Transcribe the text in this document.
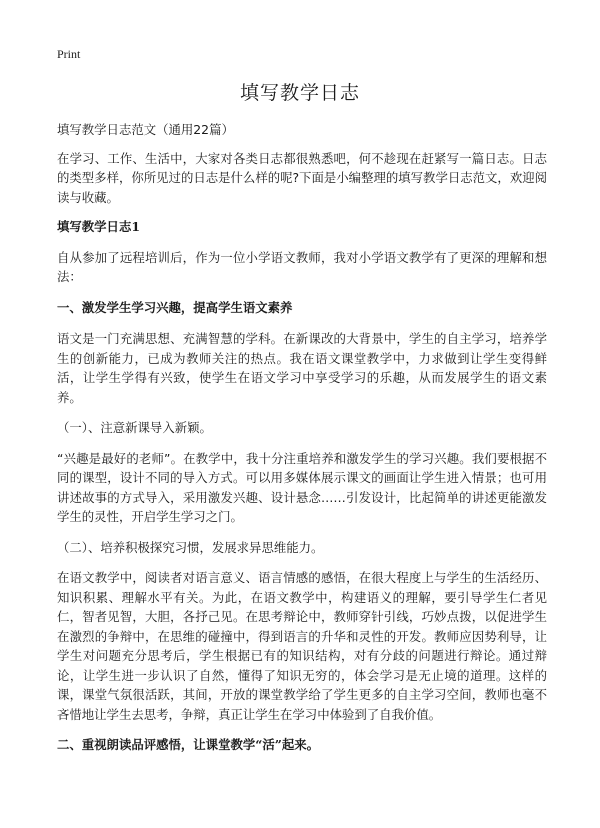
Print
填写教学日志

填写教学日志范文（通用22篇）

在学习、工作、生活中，大家对各类日志都很熟悉吧，何不趁现在赶紧写一篇日志。日志的类型多样，你所见过的日志是什么样的呢?下面是小编整理的填写教学日志范文，欢迎阅读与收藏。

填写教学日志1

自从参加了远程培训后，作为一位小学语文教师，我对小学语文教学有了更深的理解和想法：

一、激发学生学习兴趣，提高学生语文素养

语文是一门充满思想、充满智慧的学科。在新课改的大背景中，学生的自主学习，培养学生的创新能力，已成为教师关注的热点。我在语文课堂教学中，力求做到让学生变得鲜活，让学生学得有兴致，使学生在语文学习中享受学习的乐趣，从而发展学生的语文素养。

（一）、注意新课导入新颖。

“兴趣是最好的老师”。在教学中，我十分注重培养和激发学生的学习兴趣。我们要根据不同的课型，设计不同的导入方式。可以用多媒体展示课文的画面让学生进入情景；也可用讲述故事的方式导入，采用激发兴趣、设计悬念……引发设计，比起简单的讲述更能激发学生的灵性，开启学生学习之门。

（二）、培养积极探究习惯，发展求异思维能力。

在语文教学中，阅读者对语言意义、语言情感的感悟，在很大程度上与学生的生活经历、知识积累、理解水平有关。为此，在语文教学中，构建语义的理解，要引导学生仁者见仁，智者见智，大胆，各抒己见。在思考辩论中，教师穿针引线，巧妙点拨，以促进学生在激烈的争辩中，在思维的碰撞中，得到语言的升华和灵性的开发。教师应因势利导，让学生对问题充分思考后，学生根据已有的知识结构，对有分歧的问题进行辩论。通过辩论，让学生进一步认识了自然，懂得了知识无穷的，体会学习是无止境的道理。这样的课，课堂气氛很活跃，其间，开放的课堂教学给了学生更多的自主学习空间，教师也毫不吝惜地让学生去思考，争辩，真正让学生在学习中体验到了自我价值。

二、重视朗读品评感悟，让课堂教学“活”起来。
